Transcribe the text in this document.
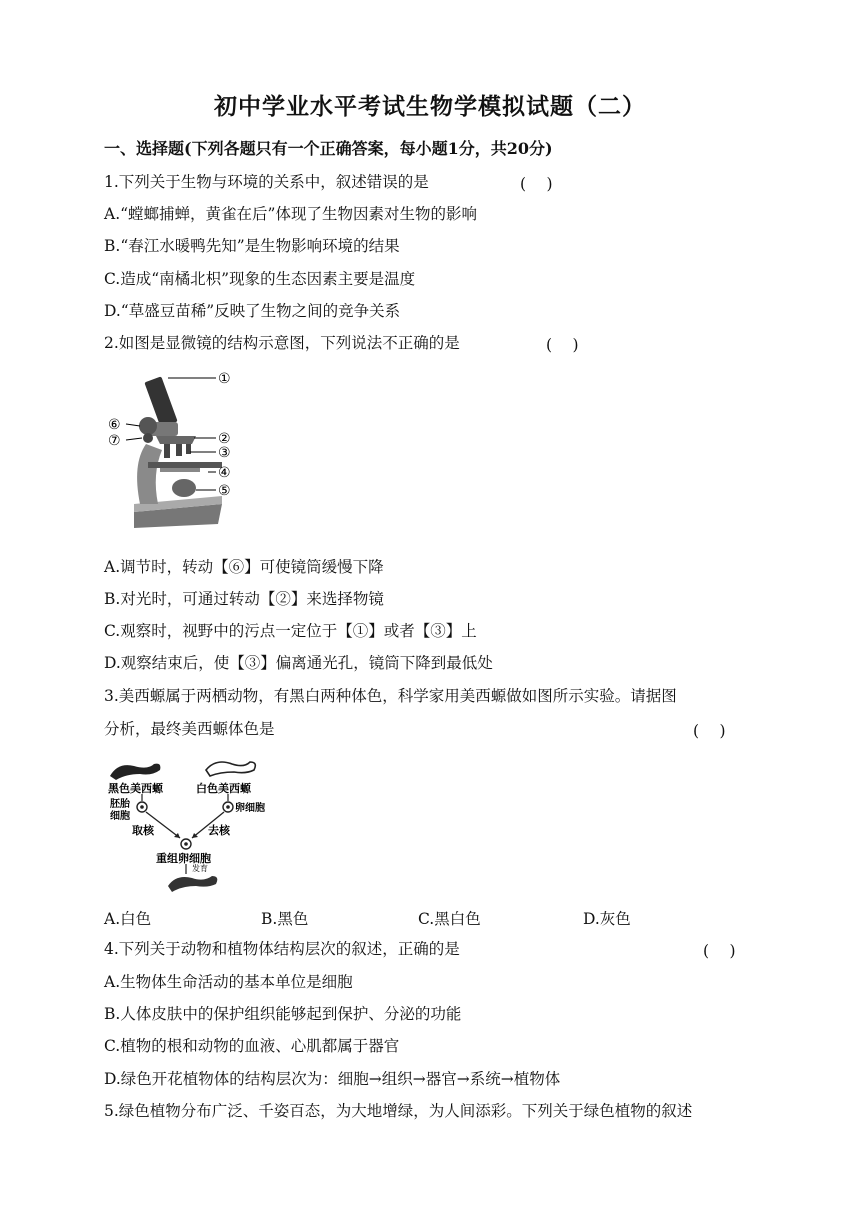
初中学业水平考试生物学模拟试题（二）
一、选择题(下列各题只有一个正确答案，每小题1分，共20分)
1.下列关于生物与环境的关系中，叙述错误的是	(　 )
A.“螳螂捕蝉，黄雀在后”体现了生物因素对生物的影响
B.“春江水暖鸭先知”是生物影响环境的结果
C.造成“南橘北枳”现象的生态因素主要是温度
D.“草盛豆苗稀”反映了生物之间的竞争关系
2.如图是显微镜的结构示意图，下列说法不正确的是	(　 )
①
②
③
④
⑤
⑥
⑦
A.调节时，转动【⑥】可使镜筒缓慢下降
B.对光时，可通过转动【②】来选择物镜
C.观察时，视野中的污点一定位于【①】或者【③】上
D.观察结束后，使【③】偏离通光孔，镜筒下降到最低处
3.美西螈属于两栖动物，有黑白两种体色，科学家用美西螈做如图所示实验。请据图
分析，最终美西螈体色是	(　 )
黑色美西螈	白色美西螈
胚胎
细胞
卵细胞
取核	去核
重组卵细胞
发育
A.白色	B.黑色	C.黑白色	D.灰色
4.下列关于动物和植物体结构层次的叙述，正确的是	(　 )
A.生物体生命活动的基本单位是细胞
B.人体皮肤中的保护组织能够起到保护、分泌的功能
C.植物的根和动物的血液、心肌都属于器官
D.绿色开花植物体的结构层次为：细胞→组织→器官→系统→植物体
5.绿色植物分布广泛、千姿百态，为大地增绿，为人间添彩。下列关于绿色植物的叙述
